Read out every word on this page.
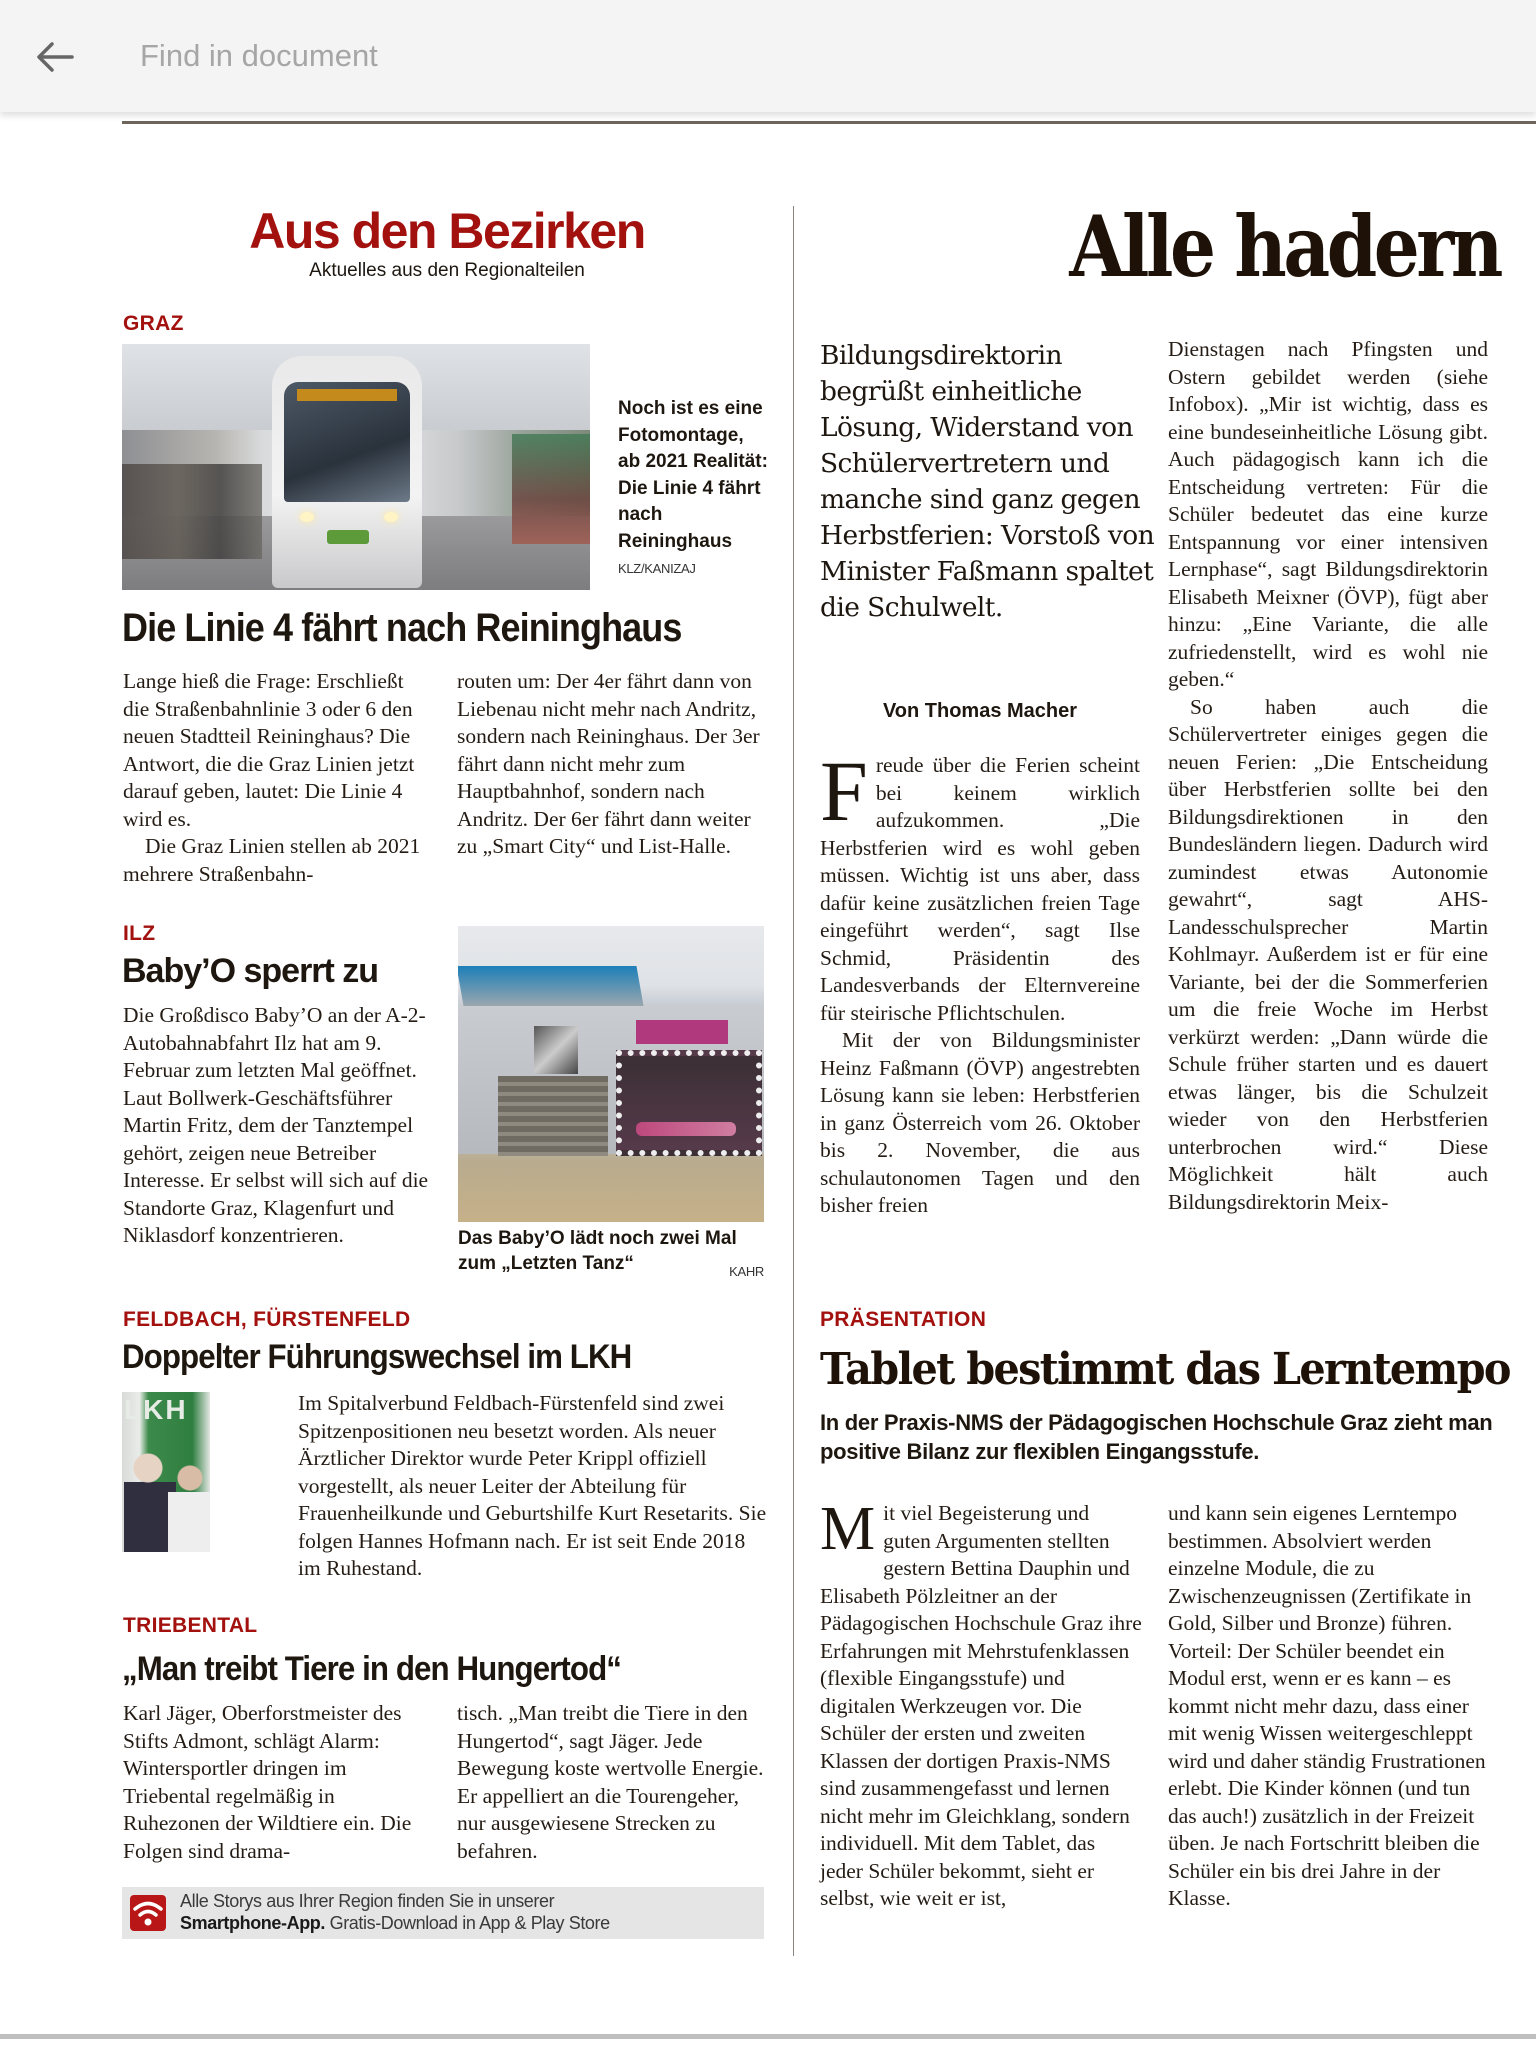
Find in document
Aus den Bezirken
Aktuelles aus den Regionalteilen
GRAZ
Noch ist es eine Fotomontage, ab 2021 Realität: Die Linie 4 fährt nach Reininghaus KLZ/KANIZAJ
Die Linie 4 fährt nach Reininghaus

Lange hieß die Frage: Erschließt die Straßenbahnlinie 3 oder 6 den neuen Stadtteil Reininghaus? Die Antwort, die die Graz Linien jetzt darauf geben, lautet: Die Linie 4 wird es.

Die Graz Linien stellen ab 2021 mehrere Straßenbahn-

routen um: Der 4er fährt dann von Liebenau nicht mehr nach Andritz, sondern nach Reininghaus. Der 3er fährt dann nicht mehr zum Hauptbahnhof, sondern nach Andritz. Der 6er fährt dann weiter zu „Smart City“ und List-Halle.
ILZ
Baby’O sperrt zu
Die Großdisco Baby’O an der A-2-Autobahnabfahrt Ilz hat am 9. Februar zum letzten Mal geöffnet. Laut Bollwerk-Geschäftsführer Martin Fritz, dem der Tanztempel gehört, zeigen neue Betreiber Interesse. Er selbst will sich auf die Standorte Graz, Klagenfurt und Niklasdorf konzentrieren.	Das Baby’O lädt noch zwei Mal zum „Letzten Tanz“	KAHR
FELDBACH, FÜRSTENFELD
Doppelter Führungswechsel im LKH
LKH	Im Spitalverbund Feldbach-Fürstenfeld sind zwei Spitzenpositionen neu besetzt worden. Als neuer Ärztlicher Direktor wurde Peter Krippl offiziell vorgestellt, als neuer Leiter der Abteilung für Frauenheilkunde und Geburtshilfe Kurt Resetarits. Sie folgen Hannes Hofmann nach. Er ist seit Ende 2018 im Ruhestand.
TRIEBENTAL
„Man treibt Tiere in den Hungertod“
Karl Jäger, Oberforstmeister des Stifts Admont, schlägt Alarm: Wintersportler dringen im Triebental regelmäßig in Ruhezonen der Wildtiere ein. Die Folgen sind drama-
tisch. „Man treibt die Tiere in den Hungertod“, sagt Jäger. Jede Bewegung koste wertvolle Energie. Er appelliert an die Tourengeher, nur ausgewiesene Strecken zu befahren.
Alle Storys aus Ihrer Region finden Sie in unserer
Smartphone-App. Gratis-Download in App & Play Store
Alle hadern
Bildungsdirektorin begrüßt einheitliche Lösung, Widerstand von Schülervertretern und manche sind ganz gegen Herbstferien: Vorstoß von Minister Faßmann spaltet die Schulwelt.
Von Thomas Macher

Freude über die Ferien scheint bei keinem wirklich aufzukommen. „Die Herbstferien wird es wohl geben müssen. Wichtig ist uns aber, dass dafür keine zusätzlichen freien Tage eingeführt werden“, sagt Ilse Schmid, Präsidentin des Landesverbands der Elternvereine für steirische Pflichtschulen.

Mit der von Bildungsminister Heinz Faßmann (ÖVP) angestrebten Lösung kann sie leben: Herbstferien in ganz Österreich vom 26. Oktober bis 2. November, die aus schulautonomen Tagen und den bisher freien

Dienstagen nach Pfingsten und Ostern gebildet werden (siehe Infobox). „Mir ist wichtig, dass es eine bundeseinheitliche Lösung gibt. Auch pädagogisch kann ich die Entscheidung vertreten: Für die Schüler bedeutet das eine kurze Entspannung vor einer intensiven Lernphase“, sagt Bildungsdirektorin Elisabeth Meixner (ÖVP), fügt aber hinzu: „Eine Variante, die alle zufriedenstellt, wird es wohl nie geben.“

So haben auch die Schülervertreter einiges gegen die neuen Ferien: „Die Entscheidung über Herbstferien sollte bei den Bildungsdirektionen in den Bundesländern liegen. Dadurch wird zumindest etwas Autonomie gewahrt“, sagt AHS-Landesschulsprecher Martin Kohlmayr. Außerdem ist er für eine Variante, bei der die Sommerferien um die freie Woche im Herbst verkürzt werden: „Dann würde die Schule früher starten und es dauert etwas länger, bis die Schulzeit wieder von den Herbstferien unterbrochen wird.“ Diese Möglichkeit hält auch Bildungsdirektorin Meix-

PRÄSENTATION
Tablet bestimmt das Lerntempo
In der Praxis-NMS der Pädagogischen Hochschule Graz zieht man positive Bilanz zur flexiblen Eingangsstufe.

Mit viel Begeisterung und guten Argumenten stellten gestern Bettina Dauphin und Elisabeth Pölzleitner an der Pädagogischen Hochschule Graz ihre Erfahrungen mit Mehrstufenklassen (flexible Eingangsstufe) und digitalen Werkzeugen vor. Die Schüler der ersten und zweiten Klassen der dortigen Praxis-NMS sind zusammengefasst und lernen nicht mehr im Gleichklang, sondern individuell. Mit dem Tablet, das jeder Schüler bekommt, sieht er selbst, wie weit er ist,

und kann sein eigenes Lerntempo bestimmen. Absolviert werden einzelne Module, die zu Zwischenzeugnissen (Zertifikate in Gold, Silber und Bronze) führen. Vorteil: Der Schüler beendet ein Modul erst, wenn er es kann – es kommt nicht mehr dazu, dass einer mit wenig Wissen weitergeschleppt wird und daher ständig Frustrationen erlebt. Die Kinder können (und tun das auch!) zusätzlich in der Freizeit üben. Je nach Fortschritt bleiben die Schüler ein bis drei Jahre in der Klasse.
